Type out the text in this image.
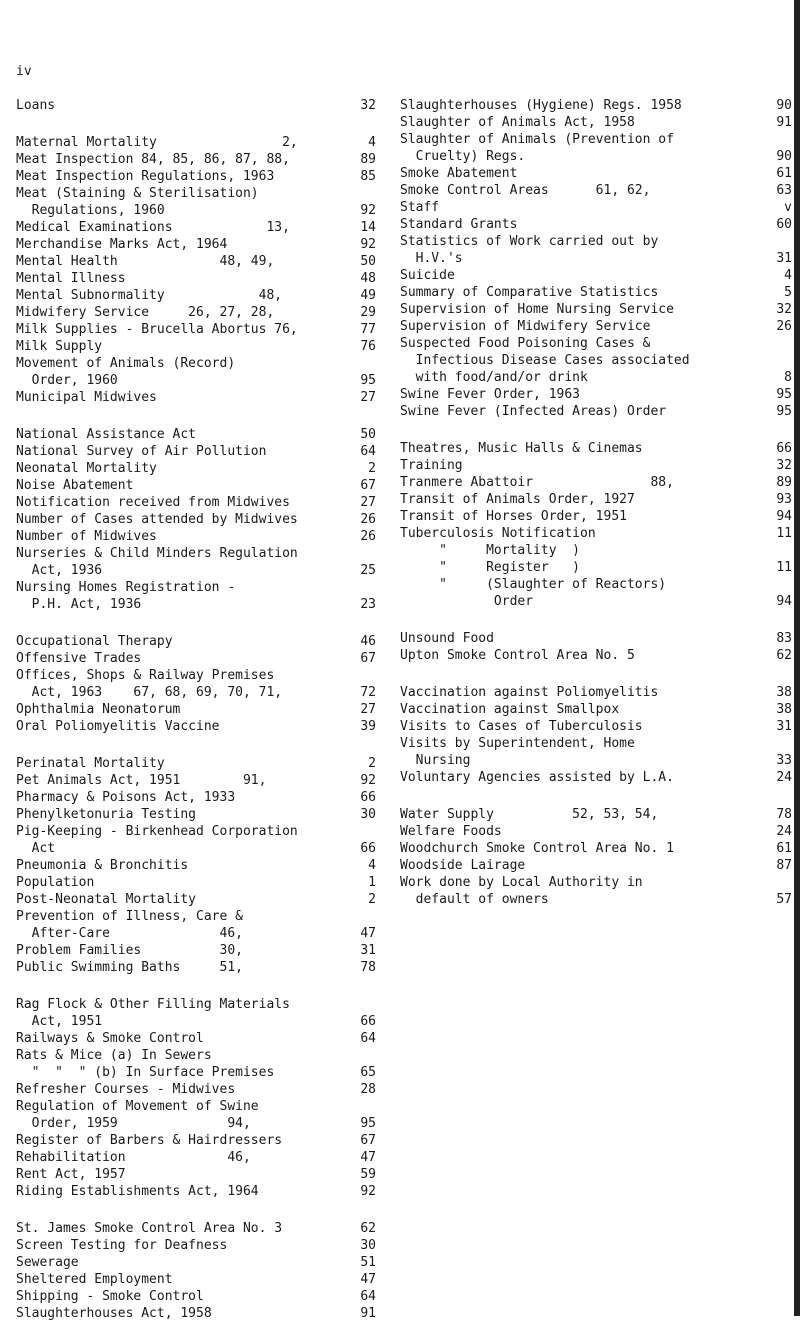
iv
Loans	32
Maternal Mortality                2,	4
Meat Inspection 84, 85, 86, 87, 88,	89
Meat Inspection Regulations, 1963	85
Meat (Staining & Sterilisation)
Regulations, 1960	92
Medical Examinations            13,	14
Merchandise Marks Act, 1964	92
Mental Health             48, 49,	50
Mental Illness	48
Mental Subnormality            48,	49
Midwifery Service     26, 27, 28,	29
Milk Supplies - Brucella Abortus 76,	77
Milk Supply	76
Movement of Animals (Record)
Order, 1960	95
Municipal Midwives	27
National Assistance Act	50
National Survey of Air Pollution	64
Neonatal Mortality	2
Noise Abatement	67
Notification received from Midwives	27
Number of Cases attended by Midwives	26
Number of Midwives	26
Nurseries & Child Minders Regulation
Act, 1936	25
Nursing Homes Registration -
P.H. Act, 1936	23
Occupational Therapy	46
Offensive Trades	67
Offices, Shops & Railway Premises
Act, 1963    67, 68, 69, 70, 71,	72
Ophthalmia Neonatorum	27
Oral Poliomyelitis Vaccine	39
Perinatal Mortality	2
Pet Animals Act, 1951        91,	92
Pharmacy & Poisons Act, 1933	66
Phenylketonuria Testing	30
Pig-Keeping - Birkenhead Corporation
Act	66
Pneumonia & Bronchitis	4
Population	1
Post-Neonatal Mortality	2
Prevention of Illness, Care &
After-Care              46,	47
Problem Families          30,	31
Public Swimming Baths     51,	78
Rag Flock & Other Filling Materials
Act, 1951	66
Railways & Smoke Control	64
Rats & Mice (a) In Sewers
"  "  " (b) In Surface Premises	65
Refresher Courses - Midwives	28
Regulation of Movement of Swine
Order, 1959              94,	95
Register of Barbers & Hairdressers	67
Rehabilitation             46,	47
Rent Act, 1957	59
Riding Establishments Act, 1964	92
St. James Smoke Control Area No. 3	62
Screen Testing for Deafness	30
Sewerage	51
Sheltered Employment	47
Shipping - Smoke Control	64
Slaughterhouses Act, 1958	91
Slaughterhouses (Hygiene) Regs. 1958	90
Slaughter of Animals Act, 1958	91
Slaughter of Animals (Prevention of
Cruelty) Regs.	90
Smoke Abatement	61
Smoke Control Areas      61, 62,	63
Staff	v
Standard Grants	60
Statistics of Work carried out by
H.V.'s	31
Suicide	4
Summary of Comparative Statistics	5
Supervision of Home Nursing Service	32
Supervision of Midwifery Service	26
Suspected Food Poisoning Cases &
Infectious Disease Cases associated
with food/and/or drink	8
Swine Fever Order, 1963	95
Swine Fever (Infected Areas) Order	95
Theatres, Music Halls & Cinemas	66
Training	32
Tranmere Abattoir               88,	89
Transit of Animals Order, 1927	93
Transit of Horses Order, 1951	94
Tuberculosis Notification	11
"     Mortality  )
"     Register   )	11
"     (Slaughter of Reactors)
Order	94
Unsound Food	83
Upton Smoke Control Area No. 5	62
Vaccination against Poliomyelitis	38
Vaccination against Smallpox	38
Visits to Cases of Tuberculosis	31
Visits by Superintendent, Home
Nursing	33
Voluntary Agencies assisted by L.A.	24
Water Supply          52, 53, 54,	78
Welfare Foods	24
Woodchurch Smoke Control Area No. 1	61
Woodside Lairage	87
Work done by Local Authority in
default of owners	57
